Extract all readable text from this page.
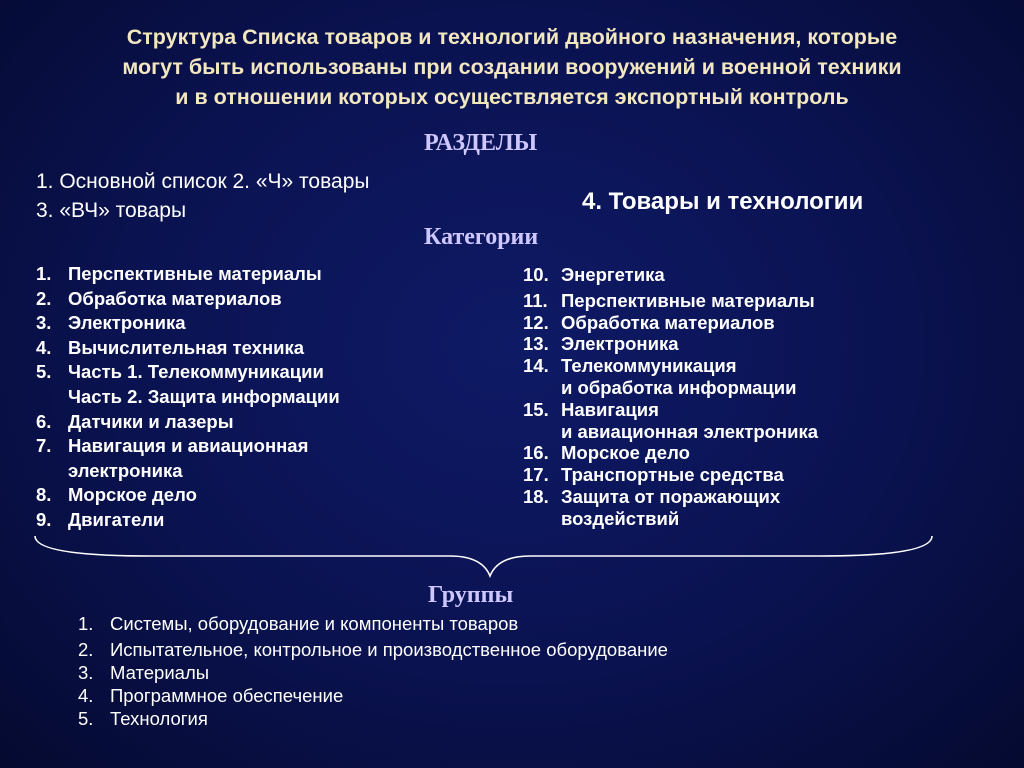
Структура Списка товаров и технологий двойного назначения, которые
могут быть использованы при создании вооружений и военной техники
и в отношении которых осуществляется экспортный контроль
РАЗДЕЛЫ
1. Основной список 2. «Ч» товары
3. «ВЧ» товары	4. Товары и технологии
Категории
1. Перспективные материалы
2. Обработка материалов
3. Электроника
4. Вычислительная техника
5. Часть 1. Телекоммуникации
Часть 2. Защита информации
6. Датчики и лазеры
7. Навигация и авиационная
электроника
8. Морское дело
9. Двигатели
10. Энергетика
11. Перспективные материалы
12. Обработка материалов
13. Электроника
14. Телекоммуникация
и обработка информации
15. Навигация
и авиационная электроника
16. Морское дело
17. Транспортные средства
18. Защита от поражающих
воздействий
Группы
1. Системы, оборудование и компоненты товаров
2. Испытательное, контрольное и производственное оборудование
3. Материалы
4. Программное обеспечение
5. Технология
